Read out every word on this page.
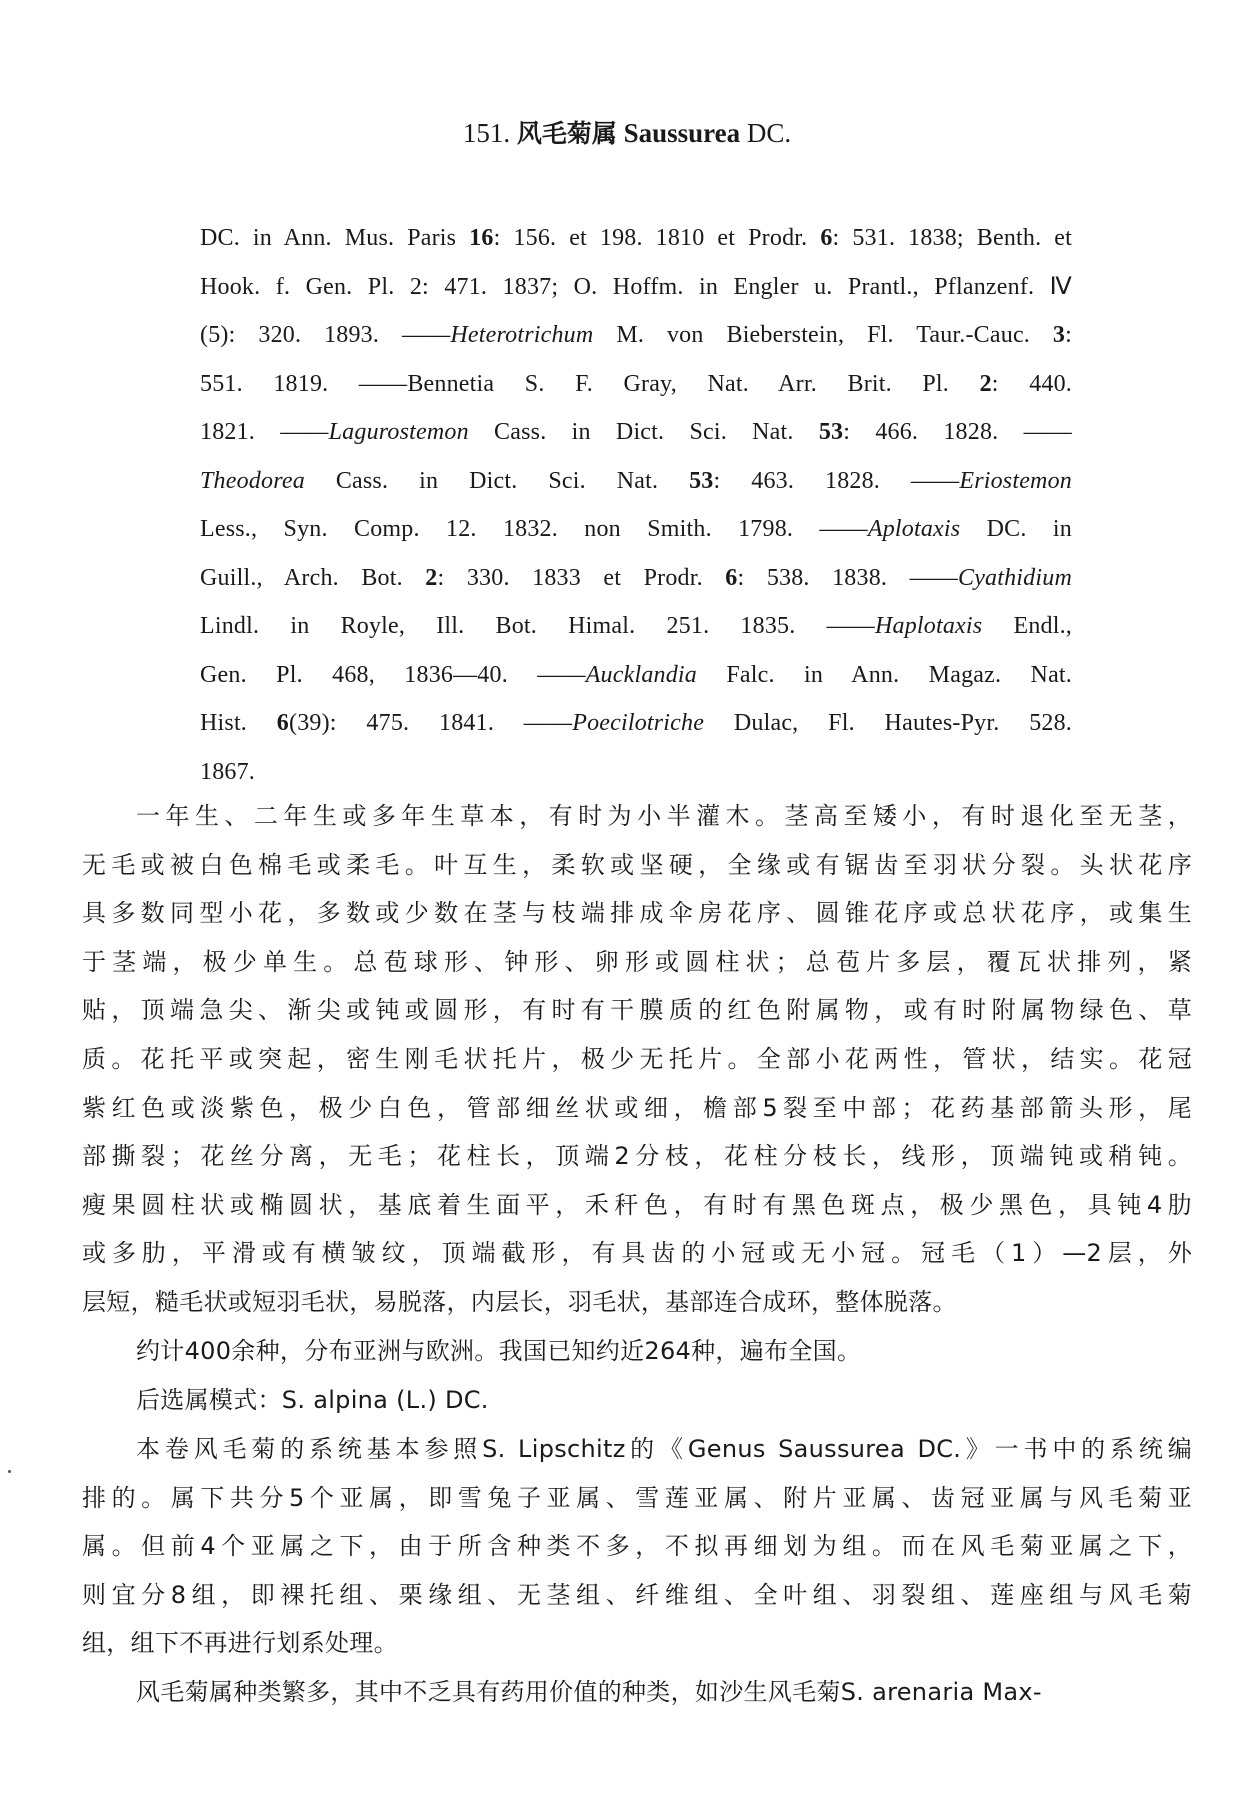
151. 风毛菊属 Saussurea DC.
DC. in Ann. Mus. Paris 16: 156. et 198. 1810 et Prodr. 6: 531. 1838; Benth. et
Hook. f. Gen. Pl. 2: 471. 1837; O. Hoffm. in Engler u. Prantl., Pflanzenf. Ⅳ
(5): 320. 1893. ——Heterotrichum M. von Bieberstein, Fl. Taur.-Cauc. 3:
551. 1819. ——Bennetia S. F. Gray, Nat. Arr. Brit. Pl. 2: 440.
1821. ——Lagurostemon Cass. in Dict. Sci. Nat. 53: 466. 1828. ——
Theodorea Cass. in Dict. Sci. Nat. 53: 463. 1828. ——Eriostemon
Less., Syn. Comp. 12. 1832. non Smith. 1798. ——Aplotaxis DC. in
Guill., Arch. Bot. 2: 330. 1833 et Prodr. 6: 538. 1838. ——Cyathidium
Lindl. in Royle, Ill. Bot. Himal. 251. 1835. ——Haplotaxis Endl.,
Gen. Pl. 468, 1836—40. ——Aucklandia Falc. in Ann. Magaz. Nat.
Hist. 6(39): 475. 1841. ——Poecilotriche Dulac, Fl. Hautes-Pyr. 528.
1867.
一年生、二年生或多年生草本，有时为小半灌木。茎高至矮小，有时退化至无茎，
无毛或被白色棉毛或柔毛。叶互生，柔软或坚硬，全缘或有锯齿至羽状分裂。头状花序
具多数同型小花，多数或少数在茎与枝端排成伞房花序、圆锥花序或总状花序，或集生
于茎端，极少单生。总苞球形、钟形、卵形或圆柱状；总苞片多层，覆瓦状排列，紧
贴，顶端急尖、渐尖或钝或圆形，有时有干膜质的红色附属物，或有时附属物绿色、草
质。花托平或突起，密生刚毛状托片，极少无托片。全部小花两性，管状，结实。花冠
紫红色或淡紫色，极少白色，管部细丝状或细，檐部5裂至中部；花药基部箭头形，尾
部撕裂；花丝分离，无毛；花柱长，顶端2分枝，花柱分枝长，线形，顶端钝或稍钝。
瘦果圆柱状或椭圆状，基底着生面平，禾秆色，有时有黑色斑点，极少黑色，具钝4肋
或多肋，平滑或有横皱纹，顶端截形，有具齿的小冠或无小冠。冠毛（1）—2层，外
层短，糙毛状或短羽毛状，易脱落，内层长，羽毛状，基部连合成环，整体脱落。
约计400余种，分布亚洲与欧洲。我国已知约近264种，遍布全国。
后选属模式：S. alpina (L.) DC.
本卷风毛菊的系统基本参照S. Lipschitz的《Genus Saussurea DC.》一书中的系统编
排的。属下共分5个亚属，即雪兔子亚属、雪莲亚属、附片亚属、齿冠亚属与风毛菊亚
属。但前4个亚属之下，由于所含种类不多，不拟再细划为组。而在风毛菊亚属之下，
则宜分8组，即裸托组、栗缘组、无茎组、纤维组、全叶组、羽裂组、莲座组与风毛菊
组，组下不再进行划系处理。
风毛菊属种类繁多，其中不乏具有药用价值的种类，如沙生风毛菊S. arenaria Max-
